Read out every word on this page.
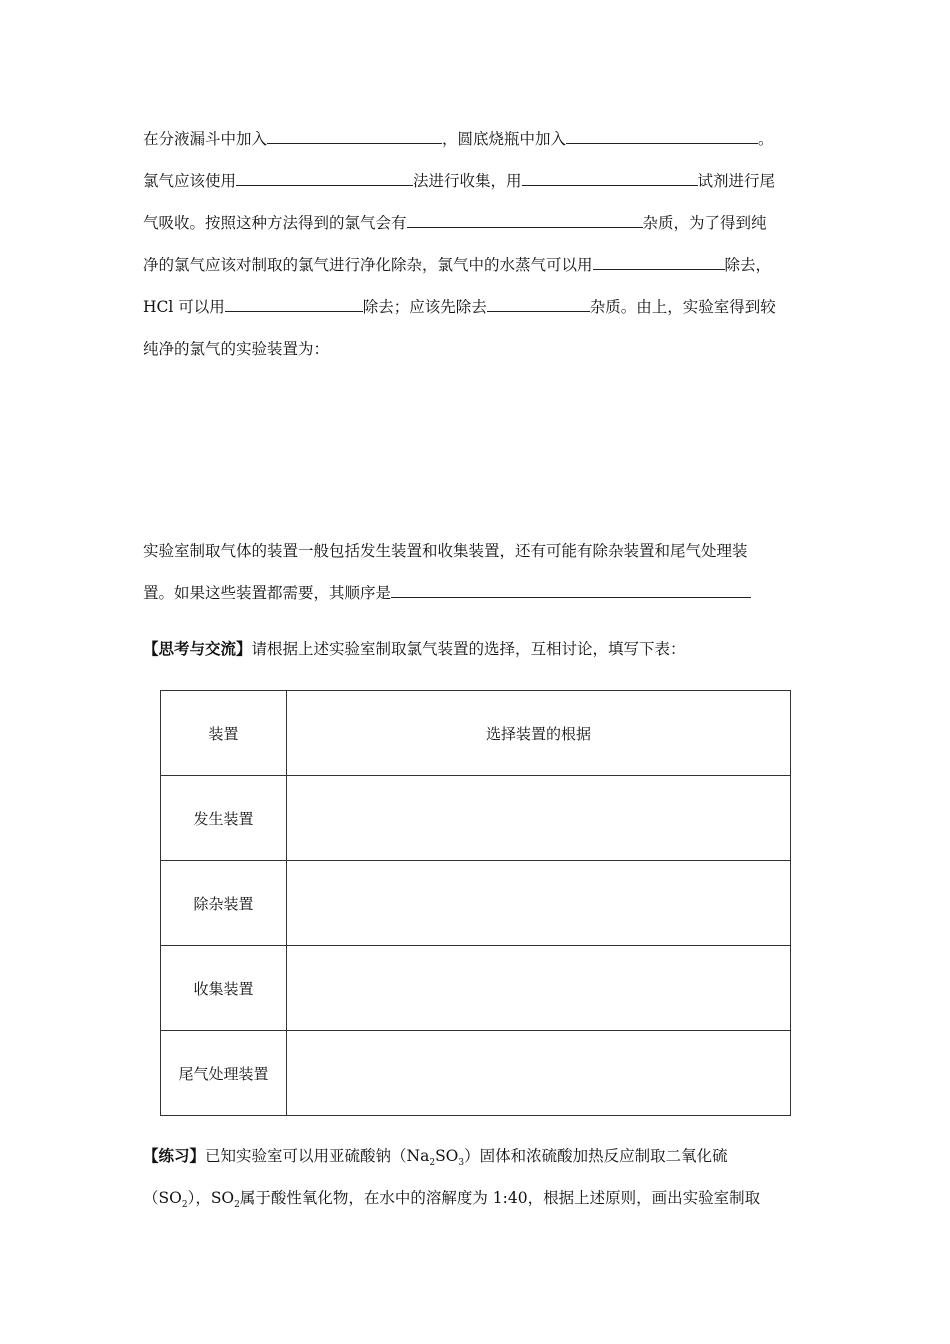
在分液漏斗中加入	，圆底烧瓶中加入	。
氯气应该使用	法进行收集，用	试剂进行尾
气吸收。按照这种方法得到的氯气会有	杂质，为了得到纯
净的氯气应该对制取的氯气进行净化除杂，氯气中的水蒸气可以用	除去，
HCl 可以用	除去；应该先除去	杂质。由上，实验室得到较
纯净的氯气的实验装置为：
实验室制取气体的装置一般包括发生装置和收集装置，还有可能有除杂装置和尾气处理装
置。如果这些装置都需要，其顺序是
【思考与交流】请根据上述实验室制取氯气装置的选择，互相讨论，填写下表：
装置	选择装置的根据
发生装置	
除杂装置	
收集装置	
尾气处理装置	
【练习】已知实验室可以用亚硫酸钠$(Na_2SO_3)$固体和浓硫酸加热反应制取二氧化硫
$(SO_2)$，$SO_2$属于酸性氧化物，在水中的溶解度为 1:40，根据上述原则，画出实验室制取
